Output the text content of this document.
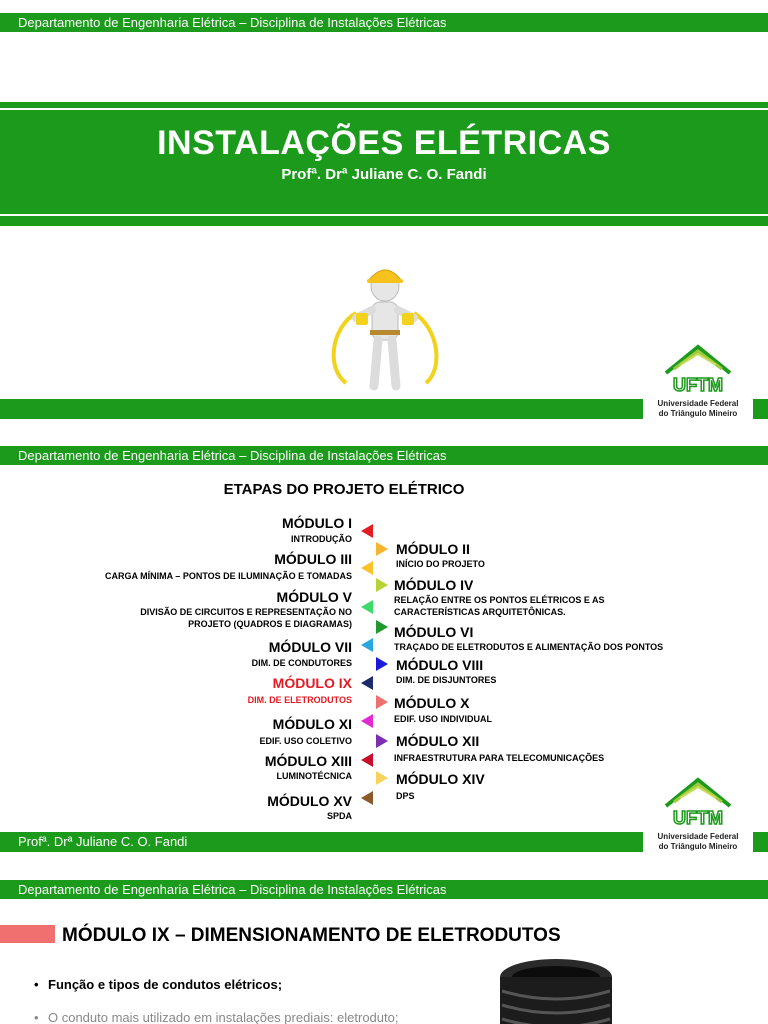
Departamento de Engenharia Elétrica – Disciplina de Instalações Elétricas
INSTALAÇÕES ELÉTRICAS
Profª. Drª Juliane C. O. Fandi
UFTM
Universidade Federal
do Triângulo Mineiro
Departamento de Engenharia Elétrica – Disciplina de Instalações Elétricas
ETAPAS DO PROJETO ELÉTRICO
MÓDULO I
INTRODUÇÃO
MÓDULO II
INÍCIO DO PROJETO
MÓDULO III
CARGA MÍNIMA – PONTOS DE ILUMINAÇÃO E TOMADAS
MÓDULO IV
RELAÇÃO ENTRE OS PONTOS ELÉTRICOS E AS
CARACTERÍSTICAS ARQUITETÔNICAS.
MÓDULO V
DIVISÃO DE CIRCUITOS E REPRESENTAÇÃO NO
PROJETO (QUADROS E DIAGRAMAS)	MÓDULO VI
TRAÇADO DE ELETRODUTOS E ALIMENTAÇÃO DOS PONTOS
MÓDULO VII
DIM. DE CONDUTORES	MÓDULO VIII
DIM. DE DISJUNTORES
MÓDULO IX
DIM. DE ELETRODUTOS	MÓDULO X
EDIF. USO INDIVIDUAL
MÓDULO XI
EDIF. USO COLETIVO	MÓDULO XII
INFRAESTRUTURA PARA TELECOMUNICAÇÕES
MÓDULO XIII
LUMINOTÉCNICA	MÓDULO XIV
DPS
MÓDULO XV
SPDA
Profª. Drª Juliane C. O. Fandi
UFTM
Universidade Federal
do Triângulo Mineiro
Departamento de Engenharia Elétrica – Disciplina de Instalações Elétricas
MÓDULO IX – DIMENSIONAMENTO DE ELETRODUTOS
• Função e tipos de condutos elétricos;
• O conduto mais utilizado em instalações prediais: eletroduto;
